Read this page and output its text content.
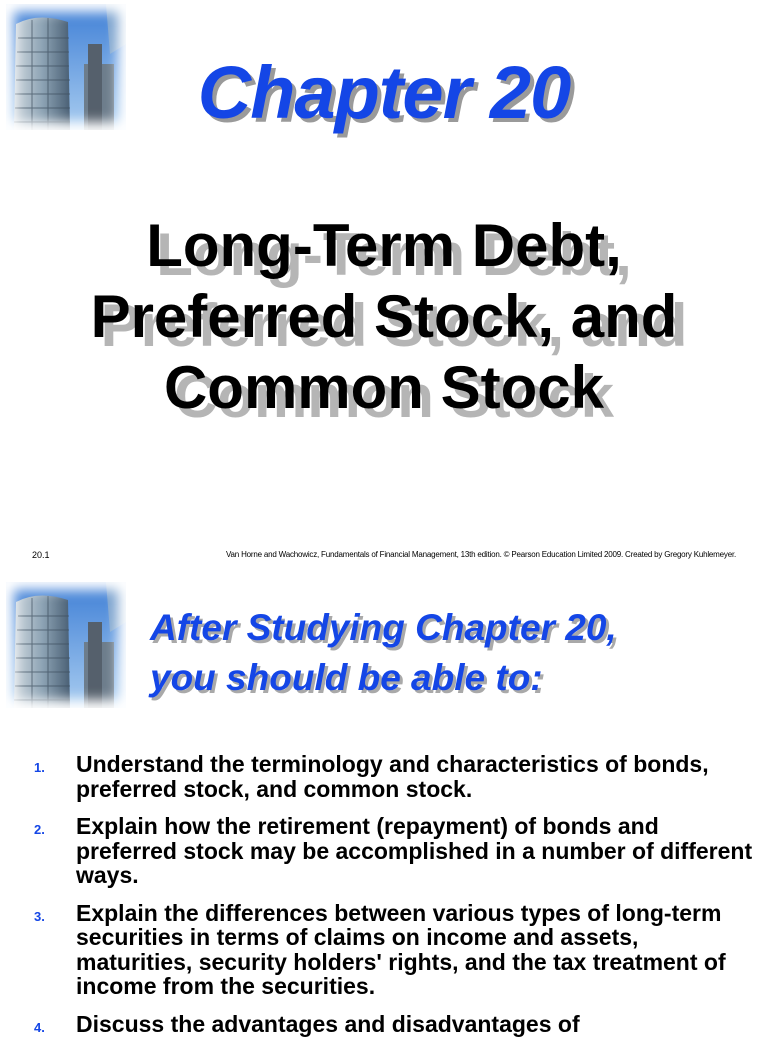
Chapter 20
Long-Term Debt,
Preferred Stock, and
Common Stock
20.1	Van Horne and Wachowicz, Fundamentals of Financial Management, 13th edition. © Pearson Education Limited 2009. Created by Gregory Kuhlemeyer.
After Studying Chapter 20,
you should be able to:
1.	Understand the terminology and characteristics of bonds, preferred stock, and common stock.
2.	Explain how the retirement (repayment) of bonds and preferred stock may be accomplished in a number of different ways.
3.	Explain the differences between various types of long-term securities in terms of claims on income and assets, maturities, security holders' rights, and the tax treatment of income from the securities.
4.	Discuss the advantages and disadvantages of
